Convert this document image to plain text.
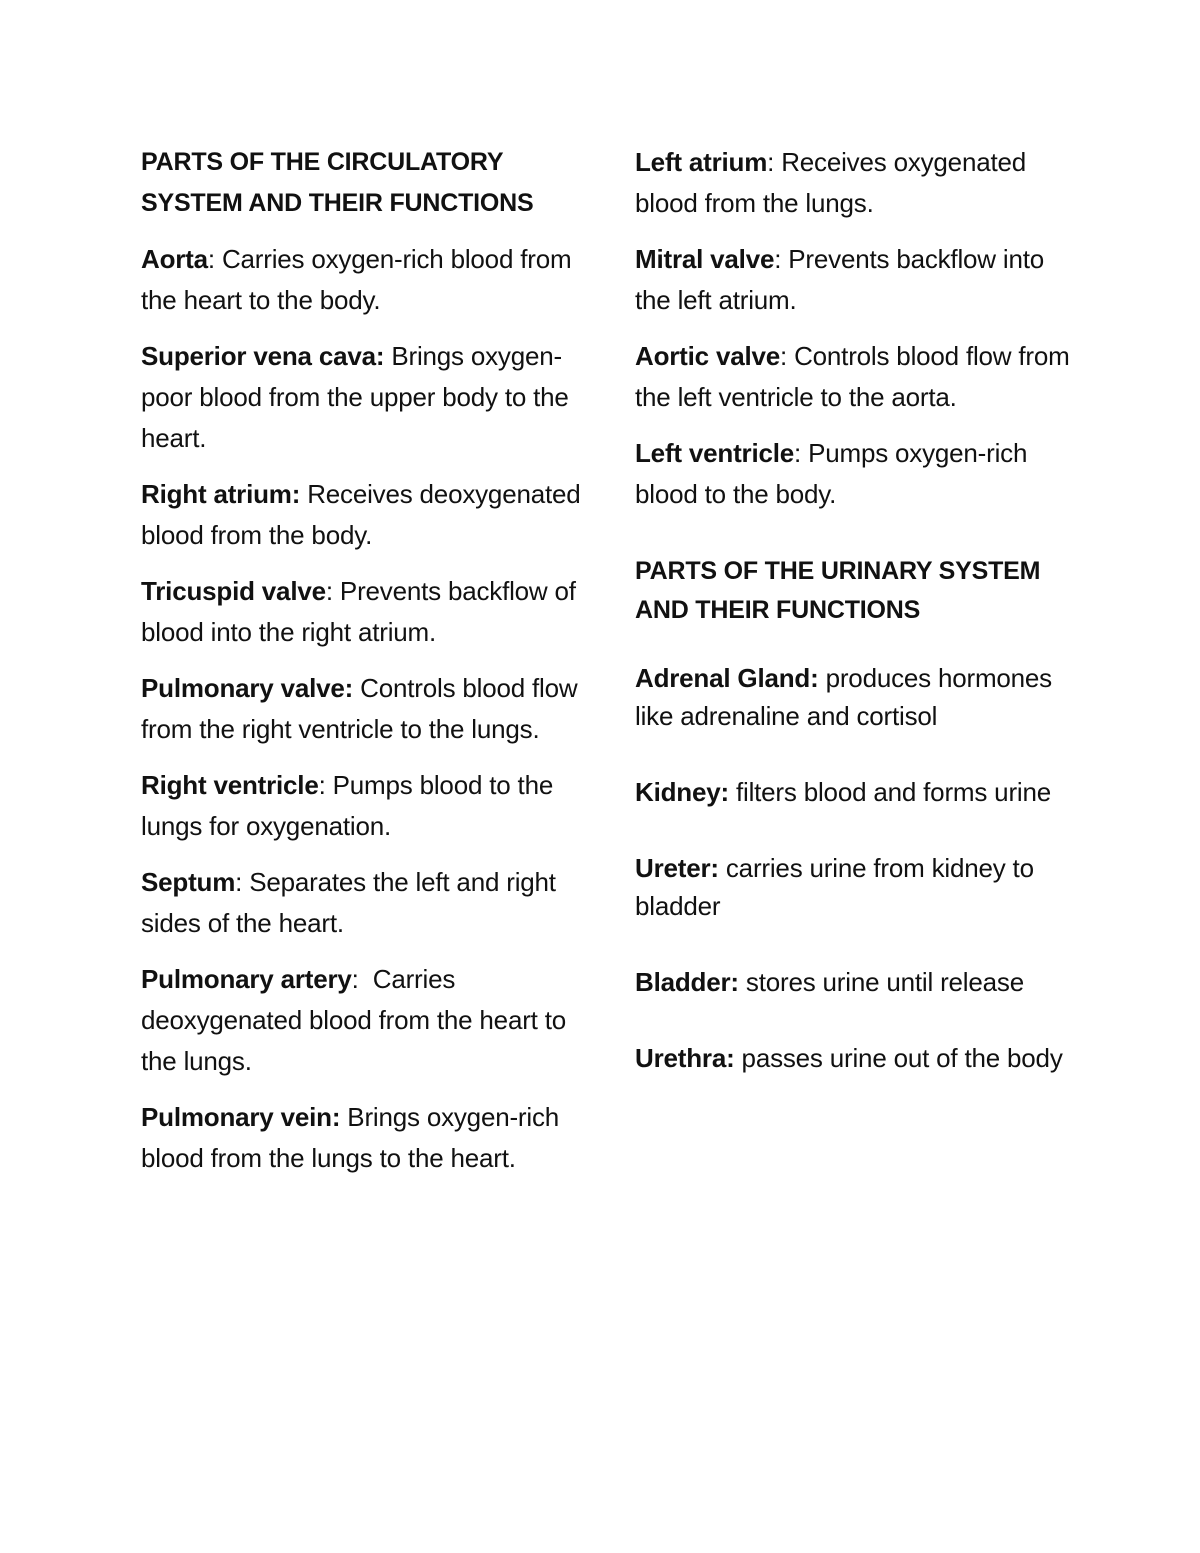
PARTS OF THE CIRCULATORY SYSTEM AND THEIR FUNCTIONS
Aorta: Carries oxygen-rich blood from the heart to the body.
Superior vena cava: Brings oxygen-poor blood from the upper body to the heart.
Right atrium: Receives deoxygenated blood from the body.
Tricuspid valve: Prevents backflow of blood into the right atrium.
Pulmonary valve: Controls blood flow from the right ventricle to the lungs.
Right ventricle: Pumps blood to the lungs for oxygenation.
Septum: Separates the left and right sides of the heart.
Pulmonary artery:  Carries deoxygenated blood from the heart to the lungs.
Pulmonary vein: Brings oxygen-rich blood from the lungs to the heart.
Left atrium: Receives oxygenated blood from the lungs.
Mitral valve: Prevents backflow into the left atrium.
Aortic valve: Controls blood flow from the left ventricle to the aorta.
Left ventricle: Pumps oxygen-rich blood to the body.
PARTS OF THE URINARY SYSTEM AND THEIR FUNCTIONS
Adrenal Gland: produces hormones like adrenaline and cortisol
Kidney: filters blood and forms urine
Ureter: carries urine from kidney to bladder
Bladder: stores urine until release
Urethra: passes urine out of the body
